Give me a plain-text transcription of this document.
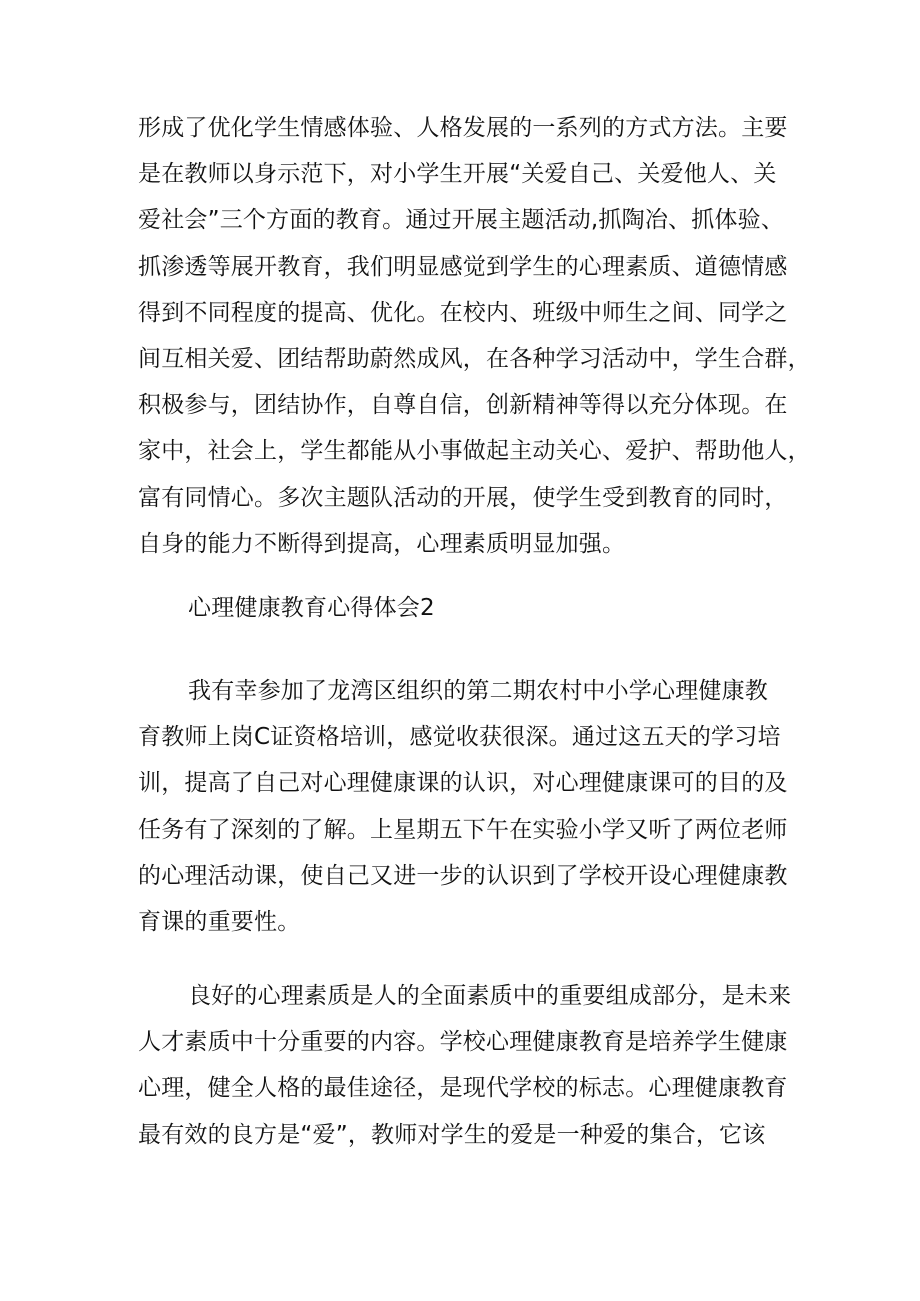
形成了优化学生情感体验、人格发展的一系列的方式方法。主要
是在教师以身示范下，对小学生开展“关爱自己、关爱他人、关
爱社会”三个方面的教育。通过开展主题活动,抓陶冶、抓体验、
抓渗透等展开教育，我们明显感觉到学生的心理素质、道德情感
得到不同程度的提高、优化。在校内、班级中师生之间、同学之
间互相关爱、团结帮助蔚然成风，在各种学习活动中，学生合群，
积极参与，团结协作，自尊自信，创新精神等得以充分体现。在
家中，社会上，学生都能从小事做起主动关心、爱护、帮助他人，
富有同情心。多次主题队活动的开展，使学生受到教育的同时，
自身的能力不断得到提高，心理素质明显加强。
心理健康教育心得体会2
我有幸参加了龙湾区组织的第二期农村中小学心理健康教
育教师上岗C证资格培训，感觉收获很深。通过这五天的学习培
训，提高了自己对心理健康课的认识，对心理健康课可的目的及
任务有了深刻的了解。上星期五下午在实验小学又听了两位老师
的心理活动课，使自己又进一步的认识到了学校开设心理健康教
育课的重要性。
良好的心理素质是人的全面素质中的重要组成部分，是未来
人才素质中十分重要的内容。学校心理健康教育是培养学生健康
心理，健全人格的最佳途径，是现代学校的标志。心理健康教育
最有效的良方是“爱”，教师对学生的爱是一种爱的集合，它该
